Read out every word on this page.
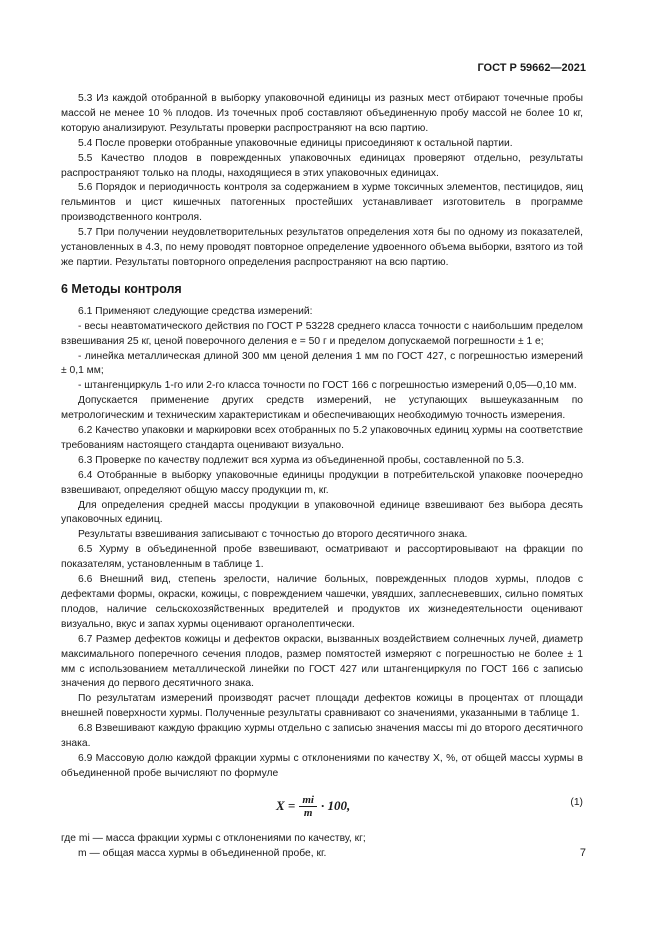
ГОСТ Р 59662—2021

5.3 Из каждой отобранной в выборку упаковочной единицы из разных мест отбирают точечные пробы массой не менее 10 % плодов. Из точечных проб составляют объединенную пробу массой не более 10 кг, которую анализируют. Результаты проверки распространяют на всю партию.

5.4 После проверки отобранные упаковочные единицы присоединяют к остальной партии.

5.5 Качество плодов в поврежденных упаковочных единицах проверяют отдельно, результаты распространяют только на плоды, находящиеся в этих упаковочных единицах.

5.6 Порядок и периодичность контроля за содержанием в хурме токсичных элементов, пестицидов, яиц гельминтов и цист кишечных патогенных простейших устанавливает изготовитель в программе производственного контроля.

5.7 При получении неудовлетворительных результатов определения хотя бы по одному из показателей, установленных в 4.3, по нему проводят повторное определение удвоенного объема выборки, взятого из той же партии. Результаты повторного определения распространяют на всю партию.

6 Методы контроля

6.1 Применяют следующие средства измерений:

- весы неавтоматического действия по ГОСТ Р 53228 среднего класса точности с наибольшим пределом взвешивания 25 кг, ценой поверочного деления е = 50 г и пределом допускаемой погрешности ± 1 е;

- линейка металлическая длиной 300 мм ценой деления 1 мм по ГОСТ 427, с погрешностью измерений ± 0,1 мм;

- штангенциркуль 1-го или 2-го класса точности по ГОСТ 166 с погрешностью измерений 0,05—0,10 мм.

Допускается применение других средств измерений, не уступающих вышеуказанным по метрологическим и техническим характеристикам и обеспечивающих необходимую точность измерения.

6.2 Качество упаковки и маркировки всех отобранных по 5.2 упаковочных единиц хурмы на соответствие требованиям настоящего стандарта оценивают визуально.

6.3 Проверке по качеству подлежит вся хурма из объединенной пробы, составленной по 5.3.

6.4 Отобранные в выборку упаковочные единицы продукции в потребительской упаковке поочередно взвешивают, определяют общую массу продукции m, кг.

Для определения средней массы продукции в упаковочной единице взвешивают без выбора десять упаковочных единиц.

Результаты взвешивания записывают с точностью до второго десятичного знака.

6.5 Хурму в объединенной пробе взвешивают, осматривают и рассортировывают на фракции по показателям, установленным в таблице 1.

6.6 Внешний вид, степень зрелости, наличие больных, поврежденных плодов хурмы, плодов с дефектами формы, окраски, кожицы, с повреждением чашечки, увядших, заплесневевших, сильно помятых плодов, наличие сельскохозяйственных вредителей и продуктов их жизнедеятельности оценивают визуально, вкус и запах хурмы оценивают органолептически.

6.7 Размер дефектов кожицы и дефектов окраски, вызванных воздействием солнечных лучей, диаметр максимального поперечного сечения плодов, размер помятостей измеряют с погрешностью не более ± 1 мм с использованием металлической линейки по ГОСТ 427 или штангенциркуля по ГОСТ 166 с записью значения до первого десятичного знака.

По результатам измерений производят расчет площади дефектов кожицы в процентах от площади внешней поверхности хурмы. Полученные результаты сравнивают со значениями, указанными в таблице 1.

6.8 Взвешивают каждую фракцию хурмы отдельно с записью значения массы mi до второго десятичного знака.

6.9 Массовую долю каждой фракции хурмы с отклонениями по качеству X, %, от общей массы хурмы в объединенной пробе вычисляют по формуле

$X = \frac{mi}{m} \cdot 100$,	(1)

где mi — масса фракции хурмы с отклонениями по качеству, кг;

m — общая масса хурмы в объединенной пробе, кг.	7
